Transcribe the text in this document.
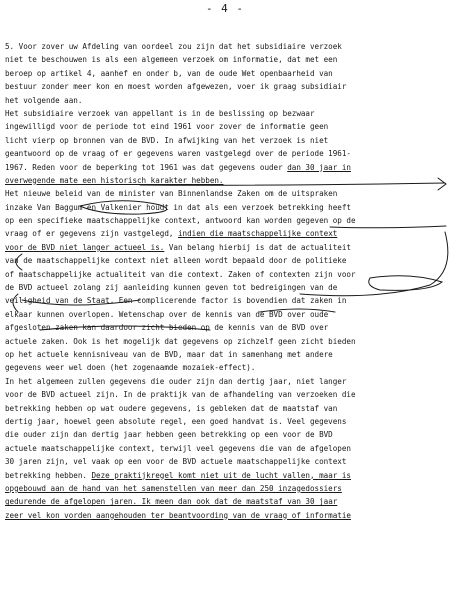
- 4 -
5. Voor zover uw Afdeling van oordeel zou zijn dat het subsidiaire verzoek
niet te beschouwen is als een algemeen verzoek om informatie, dat met een
beroep op artikel 4, aanhef en onder b, van de oude Wet openbaarheid van
bestuur zonder meer kon en moest worden afgewezen, voer ik graag subsidiair
het volgende aan.
Het subsidiaire verzoek van appellant is in de beslissing op bezwaar
ingewilligd voor de periode tot eind 1961 voor zover de informatie geen
licht vierp op bronnen van de BVD. In afwijking van het verzoek is niet
geantwoord op de vraag of er gegevens waren vastgelegd over de periode 1961-
1967. Reden voor de beperking tot 1961 was dat gegevens ouder dan 30 jaar in
overwegende mate een historisch karakter hebben.
Het nieuwe beleid van de minister van Binnenlandse Zaken om de uitspraken
inzake Van Baggum en Valkenier houdt in dat als een verzoek betrekking heeft
op een specifieke maatschappelijke context, antwoord kan worden gegeven op de
vraag of er gegevens zijn vastgelegd, indien die maatschappelijke context
voor de BVD niet langer actueel is. Van belang hierbij is dat de actualiteit
van de maatschappelijke context niet alleen wordt bepaald door de politieke
of maatschappelijke actualiteit van die context. Zaken of contexten zijn voor
de BVD actueel zolang zij aanleiding kunnen geven tot bedreigingen van de
veiligheid van de Staat. Een complicerende factor is bovendien dat zaken in
elkaar kunnen overlopen. Wetenschap over de kennis van de BVD over oude
afgesloten zaken kan daardoor zicht bieden op de kennis van de BVD over
actuele zaken. Ook is het mogelijk dat gegevens op zichzelf geen zicht bieden
op het actuele kennisniveau van de BVD, maar dat in samenhang met andere
gegevens weer wel doen (het zogenaamde mozaiek-effect).
In het algemeen zullen gegevens die ouder zijn dan dertig jaar, niet langer
voor de BVD actueel zijn. In de praktijk van de afhandeling van verzoeken die
betrekking hebben op wat oudere gegevens, is gebleken dat de maatstaf van
dertig jaar, hoewel geen absolute regel, een goed handvat is. Veel gegevens
die ouder zijn dan dertig jaar hebben geen betrekking op een voor de BVD
actuele maatschappelijke context, terwijl veel gegevens die van de afgelopen
30 jaren zijn, vel vaak op een voor de BVD actuele maatschappelijke context
betrekking hebben. Deze praktijkregel komt niet uit de lucht vallen, maar is
opgebouwd aan de hand van het samenstellen van meer dan 250 inzagedossiers
gedurende de afgelopen jaren. Ik meen dan ook dat de maatstaf van 30 jaar
zeer vel kon vorden aangehouden ter beantvoording van de vraag of informatie
